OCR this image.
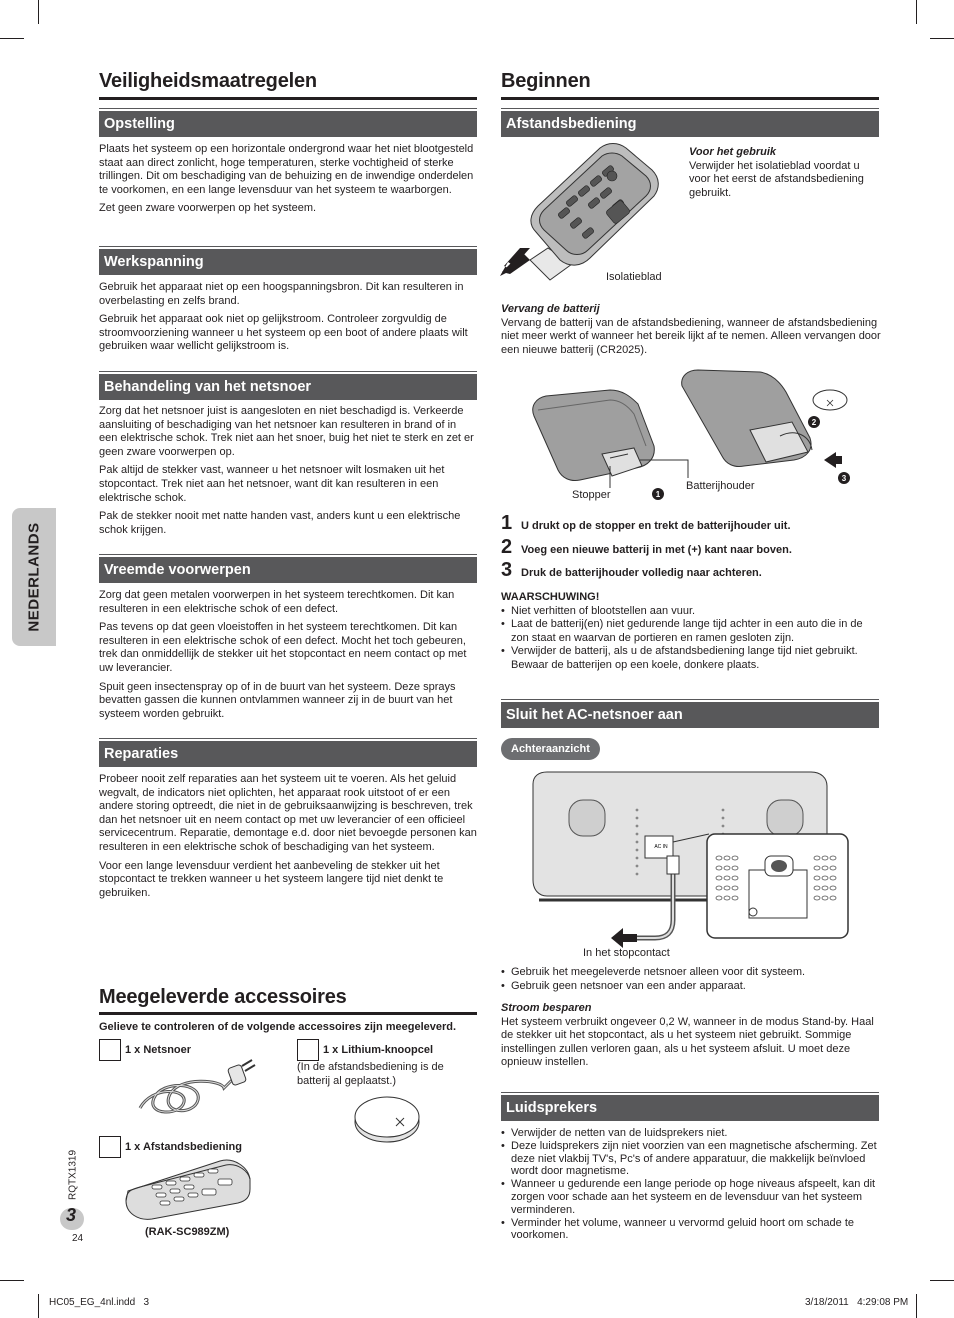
Veiligheidsmaatregelen
Opstelling

Plaats het systeem op een horizontale ondergrond waar het niet blootgesteld staat aan direct zonlicht, hoge temperaturen, sterke vochtigheid of sterke trillingen. Dit om beschadiging van de behuizing en de inwendige onderdelen te voorkomen, en een lange levensduur van het systeem te waarborgen.

Zet geen zware voorwerpen op het systeem.

Werkspanning

Gebruik het apparaat niet op een hoogspanningsbron. Dit kan resulteren in overbelasting en zelfs brand.

Gebruik het apparaat ook niet op gelijkstroom. Controleer zorgvuldig de stroomvoorziening wanneer u het systeem op een boot of andere plaats wilt gebruiken waar wellicht gelijkstroom is.

Behandeling van het netsnoer

Zorg dat het netsnoer juist is aangesloten en niet beschadigd is. Verkeerde aansluiting of beschadiging van het netsnoer kan resulteren in brand of in een elektrische schok. Trek niet aan het snoer, buig het niet te sterk en zet er geen zware voorwerpen op.

Pak altijd de stekker vast, wanneer u het netsnoer wilt losmaken uit het stopcontact. Trek niet aan het netsnoer, want dit kan resulteren in een elektrische schok.

Pak de stekker nooit met natte handen vast, anders kunt u een elektrische schok krijgen.

Vreemde voorwerpen

Zorg dat geen metalen voorwerpen in het systeem terechtkomen. Dit kan resulteren in een elektrische schok of een defect.

Pas tevens op dat geen vloeistoffen in het systeem terechtkomen. Dit kan resulteren in een elektrische schok of een defect. Mocht het toch gebeuren, trek dan onmiddellijk de stekker uit het stopcontact en neem contact op met uw leverancier.

Spuit geen insectenspray op of in de buurt van het systeem. Deze sprays bevatten gassen die kunnen ontvlammen wanneer zij in de buurt van het systeem worden gebruikt.

Reparaties

Probeer nooit zelf reparaties aan het systeem uit te voeren. Als het geluid wegvalt, de indicators niet oplichten, het apparaat rook uitstoot of er een andere storing optreedt, die niet in de gebruiksaanwijzing is beschreven, trek dan het netsnoer uit en neem contact op met uw leverancier of een officieel servicecentrum. Reparatie, demontage e.d. door niet bevoegde personen kan resulteren in een elektrische schok of beschadiging van het systeem.

Voor een lange levensduur verdient het aanbeveling de stekker uit het stopcontact te trekken wanneer u het systeem langere tijd niet denkt te gebruiken.

Meegeleverde accessoires
Gelieve te controleren of de volgende accessoires zijn meegeleverd.
1 x Netsnoer	1 x Lithium-knoopcel
(In de afstandsbediening is de batterij al geplaatst.)
1 x Afstandsbediening
(RAK-SC989ZM)
NEDERLANDS
RQTX1319
3
24
HC05_EG_4nl.indd   3	3/18/2011   4:29:08 PM
Beginnen
Afstandsbediening
Isolatieblad
Voor het gebruik
Verwijder het isolatieblad voordat u voor het eerst de afstandsbediening gebruikt.
Vervang de batterij
Vervang de batterij van de afstandsbediening, wanneer de afstandsbediening niet meer werkt of wanneer het bereik lijkt af te nemen. Alleen vervangen door een nieuwe batterij (CR2025).
1
2
3
Stopper
Batterijhouder
1 U drukt op de stopper en trekt de batterijhouder uit.
2 Voeg een nieuwe batterij in met (+) kant naar boven.
3 Druk de batterijhouder volledig naar achteren.
WAARSCHUWING!
• Niet verhitten of blootstellen aan vuur.
• Laat de batterij(en) niet gedurende lange tijd achter in een auto die in de zon staat en waarvan de portieren en ramen gesloten zijn.
• Verwijder de batterij, als u de afstandsbediening lange tijd niet gebruikt. Bewaar de batterijen op een koele, donkere plaats.
Sluit het AC-netsnoer aan
Achteraanzicht
AC IN
In het stopcontact
• Gebruik het meegeleverde netsnoer alleen voor dit systeem.
• Gebruik geen netsnoer van een ander apparaat.
Stroom besparen
Het systeem verbruikt ongeveer 0,2 W, wanneer in de modus Stand-by. Haal de stekker uit het stopcontact, als u het systeem niet gebruikt. Sommige instellingen zullen verloren gaan, als u het systeem afsluit. U moet deze opnieuw instellen.
Luidsprekers
• Verwijder de netten van de luidsprekers niet.
• Deze luidsprekers zijn niet voorzien van een magnetische afscherming. Zet deze niet vlakbij TV's, Pc's of andere apparatuur, die makkelijk beïnvloed wordt door magnetisme.
• Wanneer u gedurende een lange periode op hoge niveaus afspeelt, kan dit zorgen voor schade aan het systeem en de levensduur van het systeem verminderen.
• Verminder het volume, wanneer u vervormd geluid hoort om schade te voorkomen.
